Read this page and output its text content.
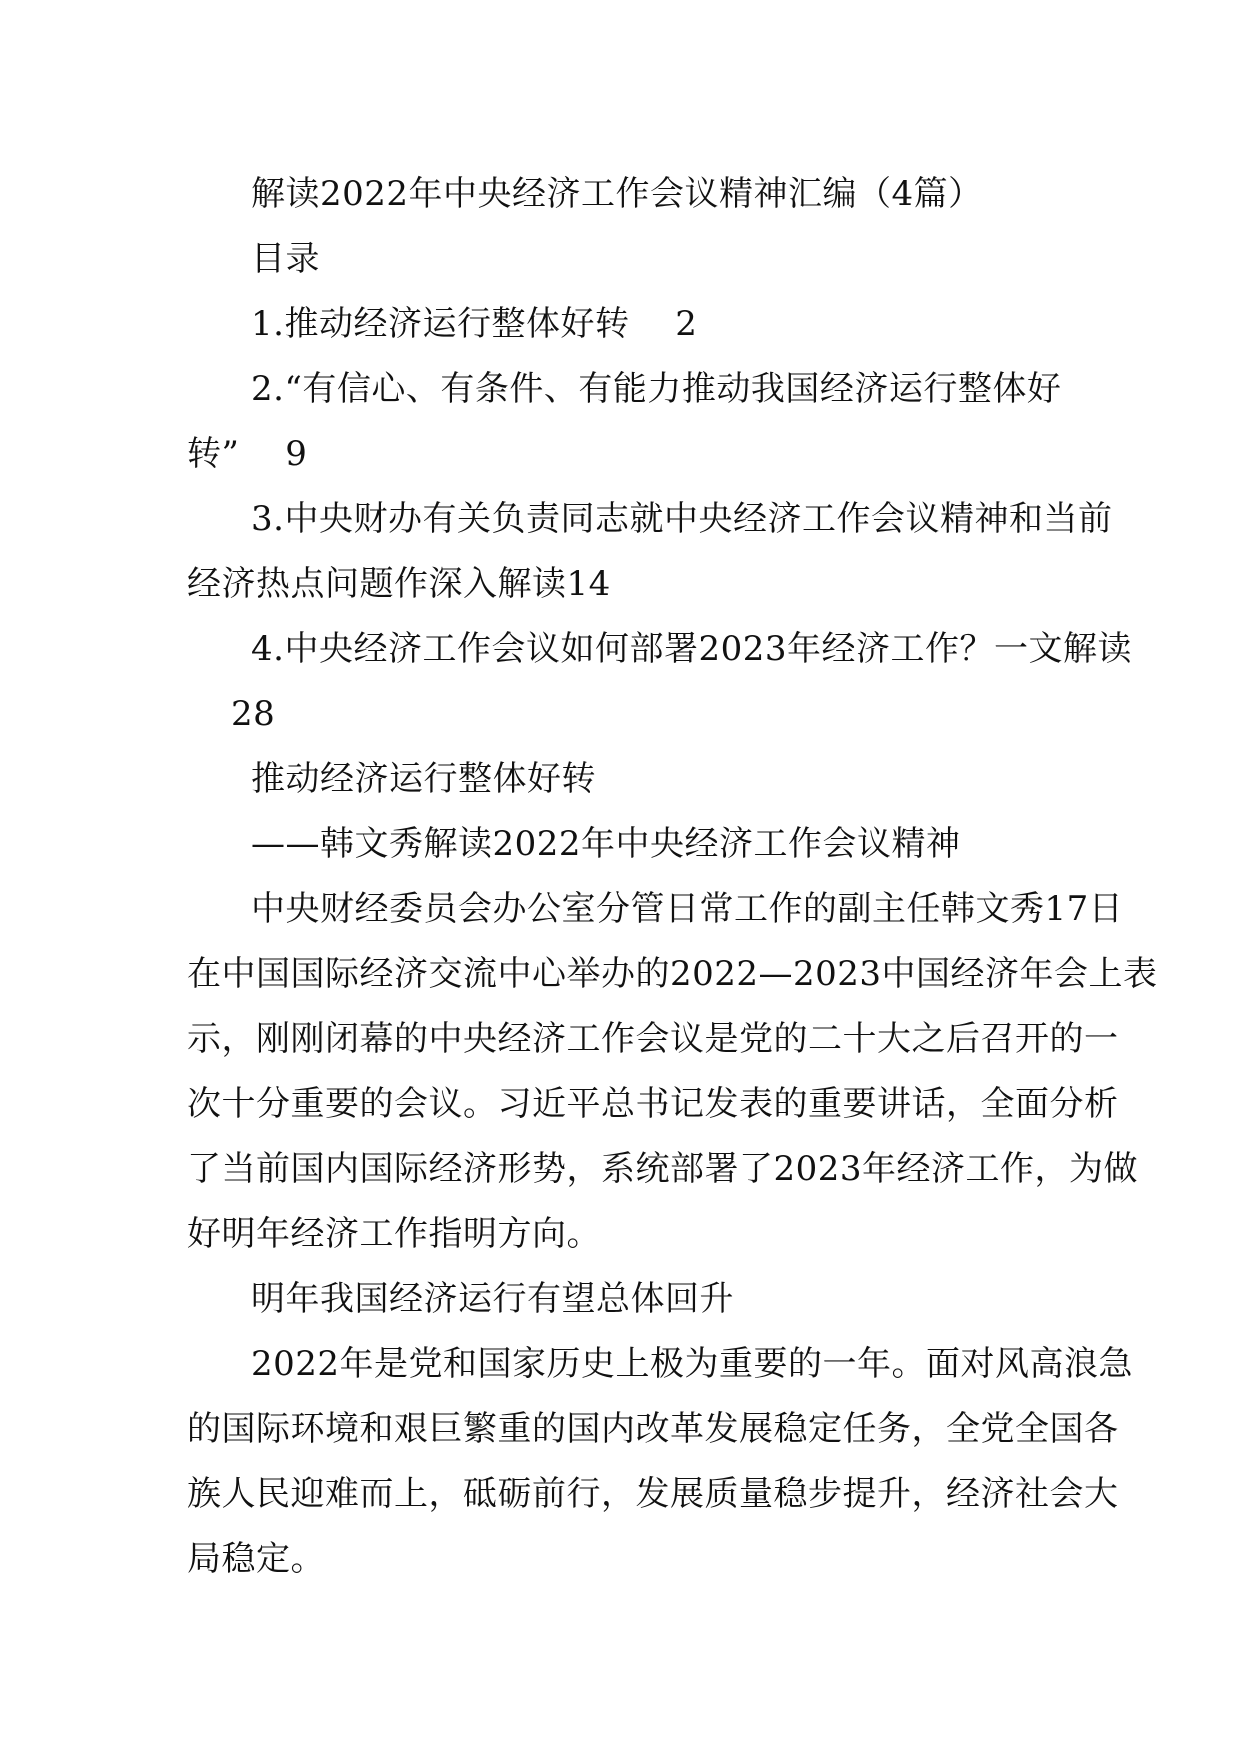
解读2022年中央经济工作会议精神汇编（4篇）

目录

1.推动经济运行整体好转　 2

2.“有信心、有条件、有能力推动我国经济运行整体好

转”　 9

3.中央财办有关负责同志就中央经济工作会议精神和当前

经济热点问题作深入解读14

4.中央经济工作会议如何部署2023年经济工作？一文解读

28

推动经济运行整体好转

——韩文秀解读2022年中央经济工作会议精神

中央财经委员会办公室分管日常工作的副主任韩文秀17日

在中国国际经济交流中心举办的2022—2023中国经济年会上表

示，刚刚闭幕的中央经济工作会议是党的二十大之后召开的一

次十分重要的会议。习近平总书记发表的重要讲话，全面分析

了当前国内国际经济形势，系统部署了2023年经济工作，为做

好明年经济工作指明方向。

明年我国经济运行有望总体回升

2022年是党和国家历史上极为重要的一年。面对风高浪急

的国际环境和艰巨繁重的国内改革发展稳定任务，全党全国各

族人民迎难而上，砥砺前行，发展质量稳步提升，经济社会大

局稳定。
